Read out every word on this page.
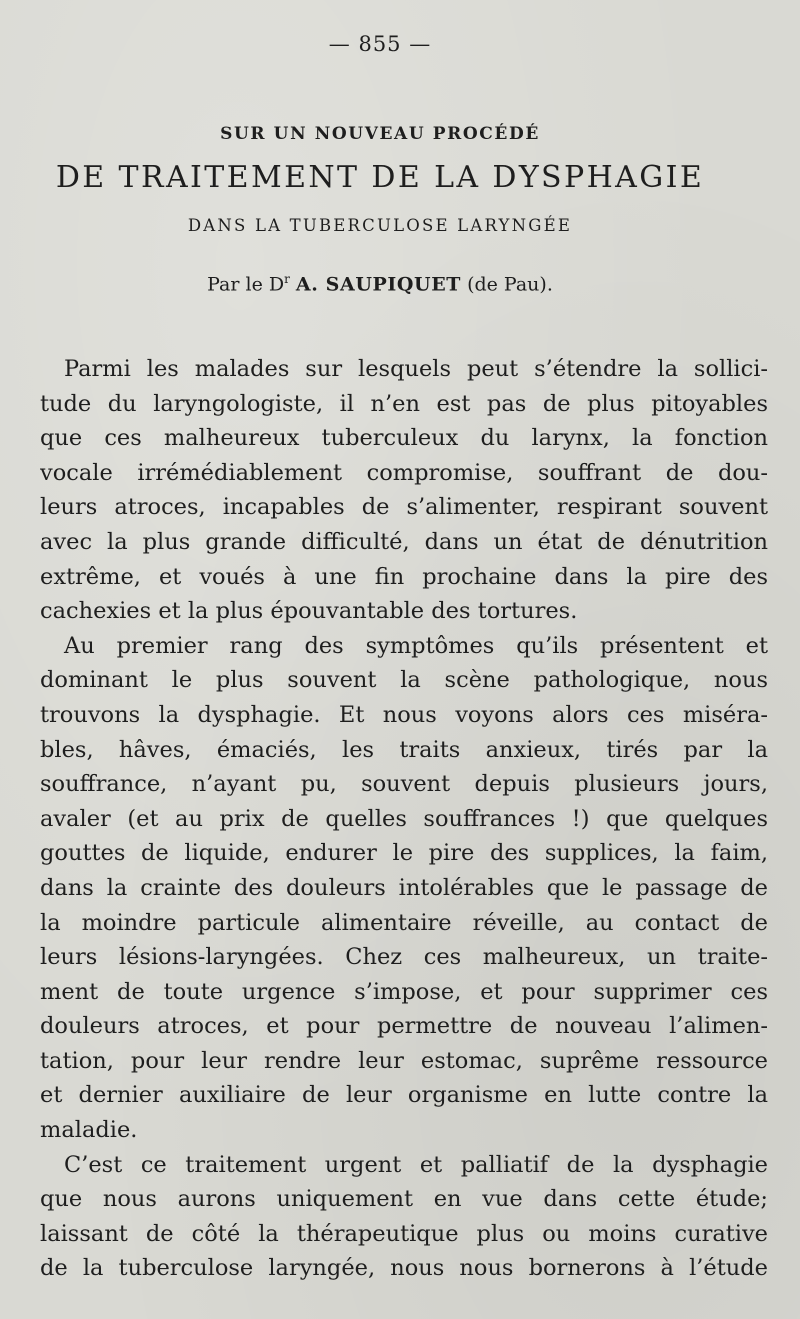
— 855 —
SUR UN NOUVEAU PROCÉDÉ
DE TRAITEMENT DE LA DYSPHAGIE
DANS LA TUBERCULOSE LARYNGÉE
Par le $D^r$ A. SAUPIQUET (de Pau).
Parmi les malades sur lesquels peut s’étendre la sollici-
tude du laryngologiste, il n’en est pas de plus pitoyables
que ces malheureux tuberculeux du larynx, la fonction
vocale irrémédiablement compromise, souffrant de dou-
leurs atroces, incapables de s’alimenter, respirant souvent
avec la plus grande difficulté, dans un état de dénutrition
extrême, et voués à une fin prochaine dans la pire des
cachexies et la plus épouvantable des tortures.
Au premier rang des symptômes qu’ils présentent et
dominant le plus souvent la scène pathologique, nous
trouvons la dysphagie. Et nous voyons alors ces miséra-
bles, hâves, émaciés, les traits anxieux, tirés par la
souffrance, n’ayant pu, souvent depuis plusieurs jours,
avaler (et au prix de quelles souffrances !) que quelques
gouttes de liquide, endurer le pire des supplices, la faim,
dans la crainte des douleurs intolérables que le passage de
la moindre particule alimentaire réveille, au contact de
leurs lésions-laryngées. Chez ces malheureux, un traite-
ment de toute urgence s’impose, et pour supprimer ces
douleurs atroces, et pour permettre de nouveau l’alimen-
tation, pour leur rendre leur estomac, suprême ressource
et dernier auxiliaire de leur organisme en lutte contre la
maladie.
C’est ce traitement urgent et palliatif de la dysphagie
que nous aurons uniquement en vue dans cette étude;
laissant de côté la thérapeutique plus ou moins curative
de la tuberculose laryngée, nous nous bornerons à l’étude
